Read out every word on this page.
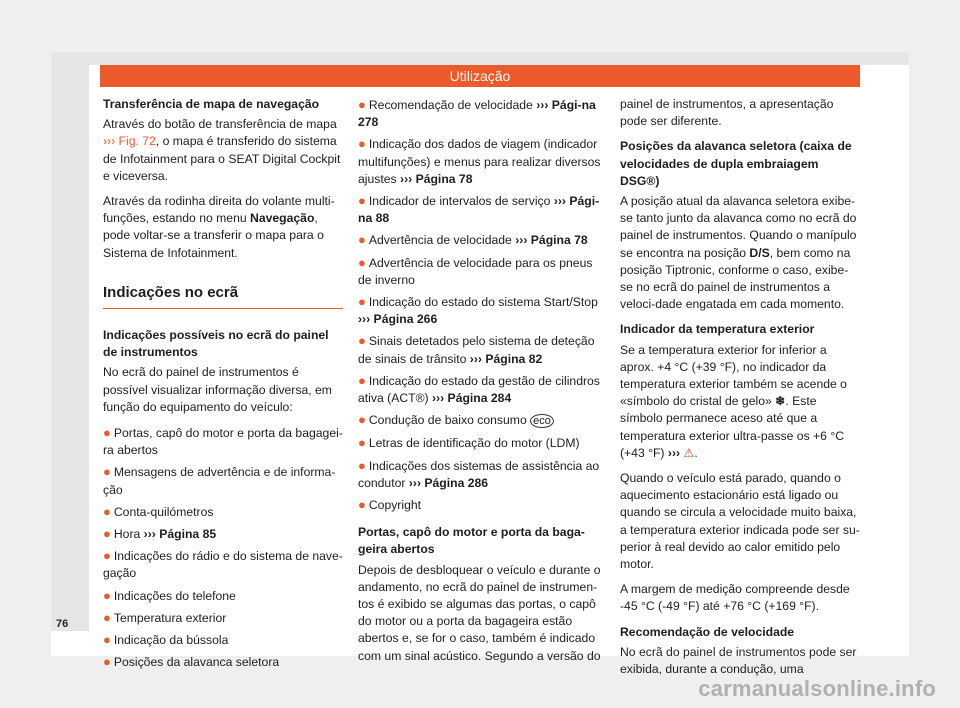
Utilização
76
Transferência de mapa de navegação

Através do botão de transferência de mapa ››› Fig. 72, o mapa é transferido do sistema de Infotainment para o SEAT Digital Cockpit e viceversa.

Através da rodinha direita do volante multi-funções, estando no menu Navegação, pode voltar-se a transferir o mapa para o Sistema de Infotainment.

Indicações no ecrã
Indicações possíveis no ecrã do painel de instrumentos

No ecrã do painel de instrumentos é possível visualizar informação diversa, em função do equipamento do veículo:

● Portas, capô do motor e porta da bagagei-ra abertos
● Mensagens de advertência e de informa-ção
● Conta-quilómetros
● Hora ››› Página 85
● Indicações do rádio e do sistema de nave-gação
● Indicações do telefone
● Temperatura exterior
● Indicação da bússola
● Posições da alavanca seletora
● Recomendação de velocidade ››› Pági-na 278
● Indicação dos dados de viagem (indicador multifunções) e menus para realizar diversos ajustes ››› Página 78
● Indicador de intervalos de serviço ››› Pági-na 88
● Advertência de velocidade ››› Página 78
● Advertência de velocidade para os pneus de inverno
● Indicação do estado do sistema Start/Stop ››› Página 266
● Sinais detetados pelo sistema de deteção de sinais de trânsito ››› Página 82
● Indicação do estado da gestão de cilindros ativa (ACT®) ››› Página 284
● Condução de baixo consumo eco
● Letras de identificação do motor (LDM)
● Indicações dos sistemas de assistência ao condutor ››› Página 286
● Copyright
Portas, capô do motor e porta da baga-geira abertos

Depois de desbloquear o veículo e durante o andamento, no ecrã do painel de instrumen-tos é exibido se algumas das portas, o capô do motor ou a porta da bagageira estão abertos e, se for o caso, também é indicado com um sinal acústico. Segundo a versão do

painel de instrumentos, a apresentação pode ser diferente.

Posições da alavanca seletora (caixa de velocidades de dupla embraiagem DSG®)

A posição atual da alavanca seletora exibe-se tanto junto da alavanca como no ecrã do painel de instrumentos. Quando o manípulo se encontra na posição D/S, bem como na posição Tiptronic, conforme o caso, exibe-se no ecrã do painel de instrumentos a veloci-dade engatada em cada momento.

Indicador da temperatura exterior

Se a temperatura exterior for inferior a aprox. +4 °C (+39 °F), no indicador da temperatura exterior também se acende o «símbolo do cristal de gelo» ❄. Este símbolo permanece aceso até que a temperatura exterior ultra-passe os +6 °C (+43 °F) ››› ⚠.

Quando o veículo está parado, quando o aquecimento estacionário está ligado ou quando se circula a velocidade muito baixa, a temperatura exterior indicada pode ser su-perior à real devido ao calor emitido pelo motor.

A margem de medição compreende desde -45 °C (-49 °F) até +76 °C (+169 °F).

Recomendação de velocidade

No ecrã do painel de instrumentos pode ser exibida, durante a condução, uma

carmanualsonline.info
